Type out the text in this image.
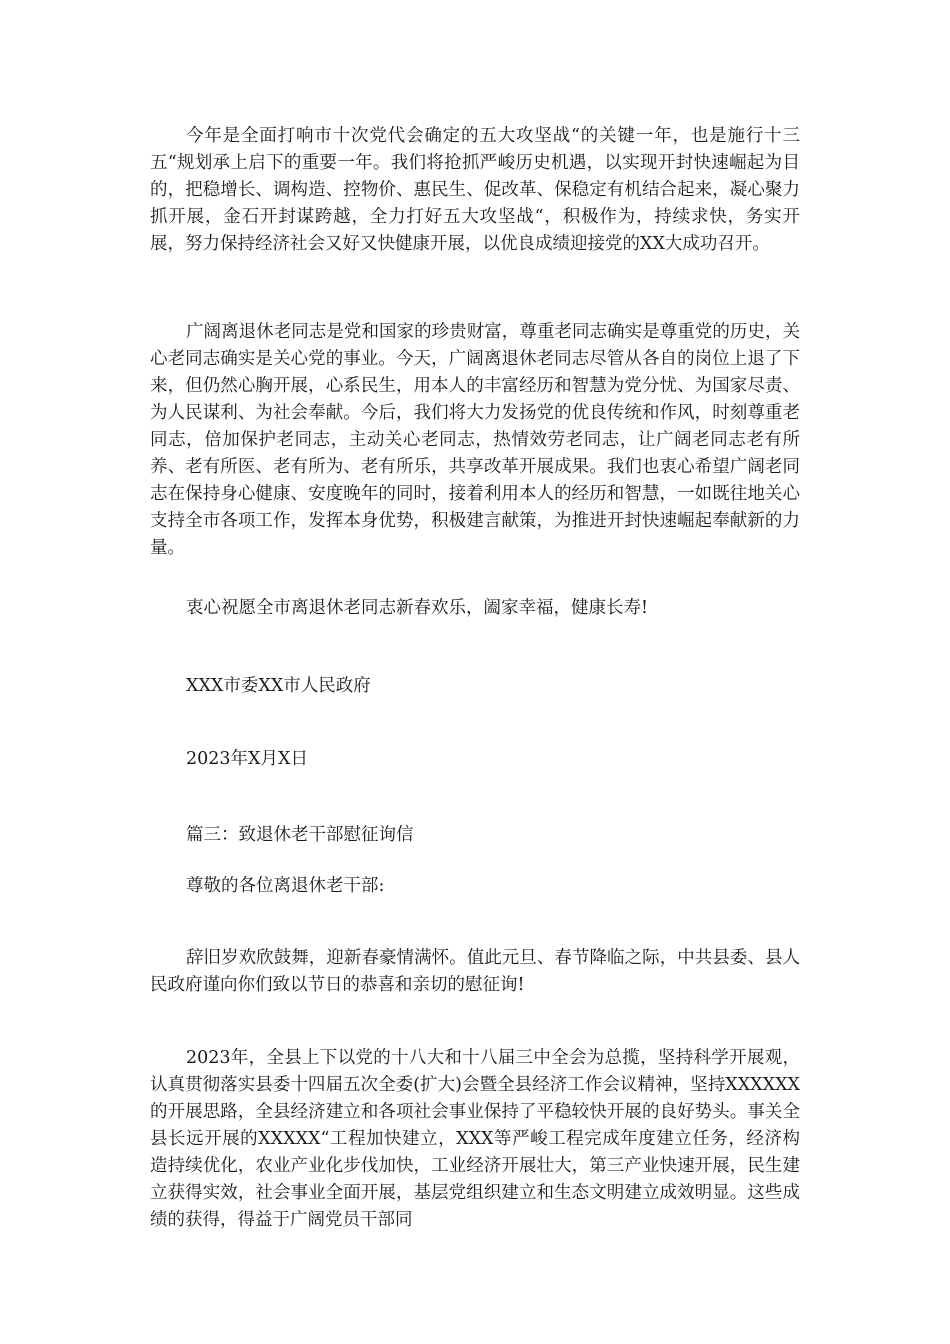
今年是全面打响市十次党代会确定的五大攻坚战“的关键一年，也是施行十三五“规划承上启下的重要一年。我们将抢抓严峻历史机遇，以实现开封快速崛起为目的，把稳增长、调构造、控物价、惠民生、促改革、保稳定有机结合起来，凝心聚力抓开展，金石开封谋跨越，全力打好五大攻坚战“，积极作为，持续求快，务实开展，努力保持经济社会又好又快健康开展，以优良成绩迎接党的XX大成功召开。

广阔离退休老同志是党和国家的珍贵财富，尊重老同志确实是尊重党的历史，关心老同志确实是关心党的事业。今天，广阔离退休老同志尽管从各自的岗位上退了下来，但仍然心胸开展，心系民生，用本人的丰富经历和智慧为党分忧、为国家尽责、为人民谋利、为社会奉献。今后，我们将大力发扬党的优良传统和作风，时刻尊重老同志，倍加保护老同志，主动关心老同志，热情效劳老同志，让广阔老同志老有所养、老有所医、老有所为、老有所乐，共享改革开展成果。我们也衷心希望广阔老同志在保持身心健康、安度晚年的同时，接着利用本人的经历和智慧，一如既往地关心支持全市各项工作，发挥本身优势，积极建言献策，为推进开封快速崛起奉献新的力量。

衷心祝愿全市离退休老同志新春欢乐，阖家幸福，健康长寿!

XXX市委XX市人民政府

2023年X月X日

篇三：致退休老干部慰征询信

尊敬的各位离退休老干部:

辞旧岁欢欣鼓舞，迎新春豪情满怀。值此元旦、春节降临之际，中共县委、县人民政府谨向你们致以节日的恭喜和亲切的慰征询!

2023年，全县上下以党的十八大和十八届三中全会为总揽，坚持科学开展观，认真贯彻落实县委十四届五次全委(扩大)会暨全县经济工作会议精神，坚持XXXXXX的开展思路，全县经济建立和各项社会事业保持了平稳较快开展的良好势头。事关全县长远开展的XXXXX“工程加快建立，XXX等严峻工程完成年度建立任务，经济构造持续优化，农业产业化步伐加快，工业经济开展壮大，第三产业快速开展，民生建立获得实效，社会事业全面开展，基层党组织建立和生态文明建立成效明显。这些成绩的获得，得益于广阔党员干部同
